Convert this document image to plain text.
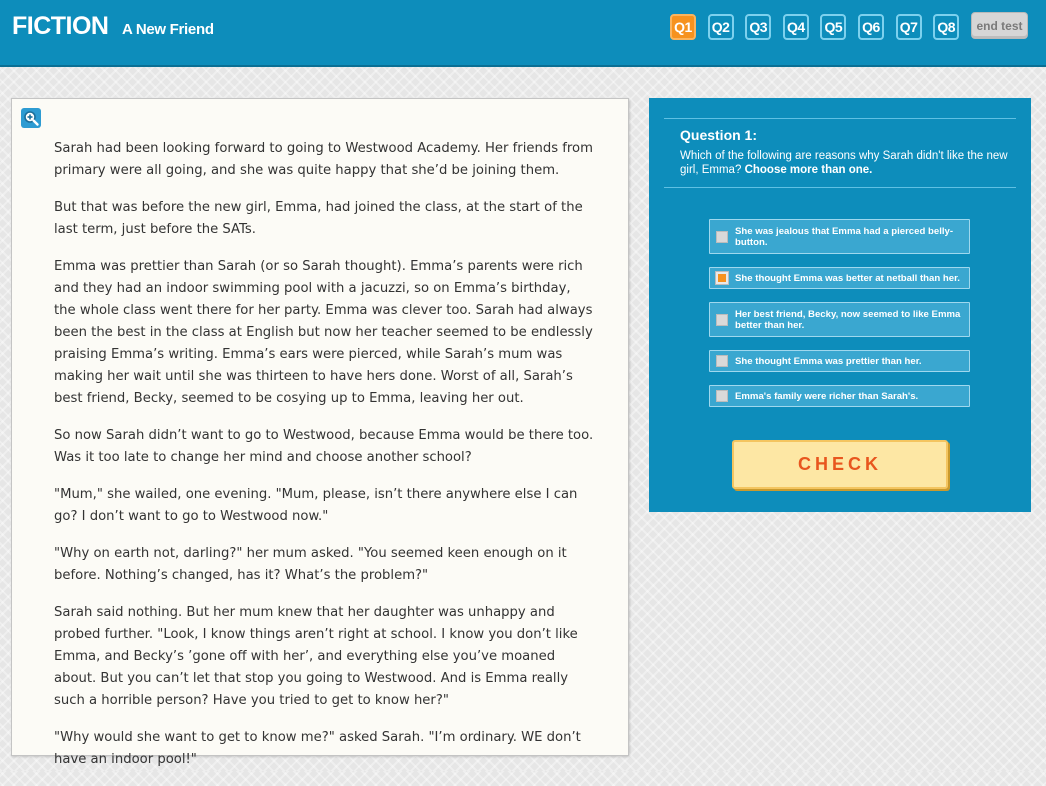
FICTION A New Friend	Q1 Q2 Q3 Q4 Q5 Q6 Q7 Q8	end test

Sarah had been looking forward to going to Westwood Academy. Her friends from primary were all going, and she was quite happy that she’d be joining them.

But that was before the new girl, Emma, had joined the class, at the start of the last term, just before the SATs.

Emma was prettier than Sarah (or so Sarah thought). Emma’s parents were rich and they had an indoor swimming pool with a jacuzzi, so on Emma’s birthday, the whole class went there for her party. Emma was clever too. Sarah had always been the best in the class at English but now her teacher seemed to be endlessly praising Emma’s writing. Emma’s ears were pierced, while Sarah’s mum was making her wait until she was thirteen to have hers done. Worst of all, Sarah’s best friend, Becky, seemed to be cosying up to Emma, leaving her out.

So now Sarah didn’t want to go to Westwood, because Emma would be there too. Was it too late to change her mind and choose another school?

"Mum," she wailed, one evening. "Mum, please, isn’t there anywhere else I can go? I don’t want to go to Westwood now."

"Why on earth not, darling?" her mum asked. "You seemed keen enough on it before. Nothing’s changed, has it? What’s the problem?"

Sarah said nothing. But her mum knew that her daughter was unhappy and probed further. "Look, I know things aren’t right at school. I know you don’t like Emma, and Becky’s ’gone off with her’, and everything else you’ve moaned about. But you can’t let that stop you going to Westwood. And is Emma really such a horrible person? Have you tried to get to know her?"

"Why would she want to get to know me?" asked Sarah. "I’m ordinary. WE don’t have an indoor pool!"

Question 1:
Which of the following are reasons why Sarah didn't like the new girl, Emma? Choose more than one.
She was jealous that Emma had a pierced belly-button.
She thought Emma was better at netball than her.
Her best friend, Becky, now seemed to like Emma better than her.
She thought Emma was prettier than her.
Emma's family were richer than Sarah's.
CHECK
